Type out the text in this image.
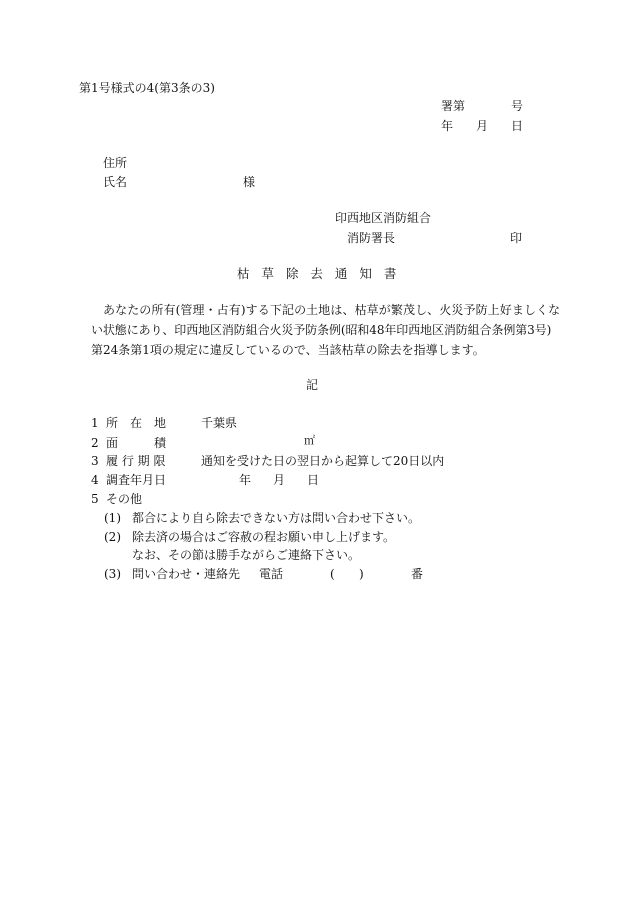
第1号様式の4(第3条の3)
署第	号
年 月 日
住所
氏名	様
印西地区消防組合
消防署長	印
枯 草 除 去 通 知 書
あなたの所有(管理・占有)する下記の土地は、枯草が繁茂し、火災予防上好ましくな
い状態にあり、印西地区消防組合火災予防条例(昭和48年印西地区消防組合条例第3号)
第24条第1項の規定に違反しているので、当該枯草の除去を指導します。
記
1 所　在　地	千葉県
2 面　　　積	㎡
3 履 行 期 限	通知を受けた日の翌日から起算して20日以内
4 調査年月日	年 月 日
5 その他
(1) 都合により自ら除去できない方は問い合わせ下さい。
(2) 除去済の場合はご容赦の程お願い申し上げます。
なお、その節は勝手ながらご連絡下さい。
(3) 問い合わせ・連絡先 電話	( )	番
